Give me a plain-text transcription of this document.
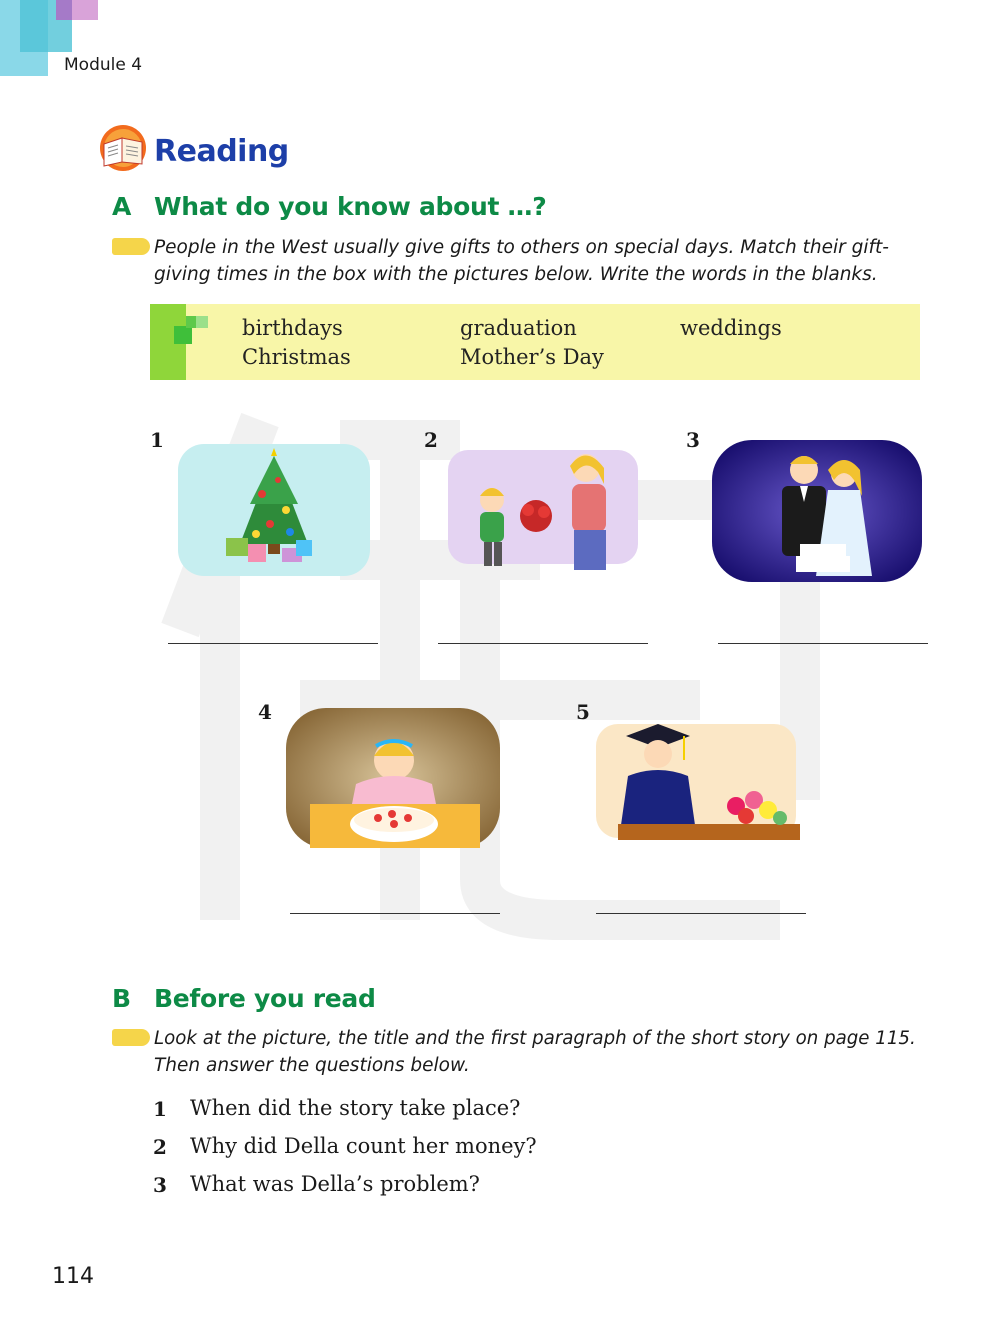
Module 4
Reading
A What do you know about …?
People in the West usually give gifts to others on special days. Match their gift-
giving times in the box with the pictures below. Write the words in the blanks.
birthdays	graduation	weddings
Christmas	Mother’s Day
1	2	3
4	5
B Before you read
Look at the picture, the title and the first paragraph of the short story on page 115.
Then answer the questions below.
1 When did the story take place?
2 Why did Della count her money?
3 What was Della’s problem?
114
